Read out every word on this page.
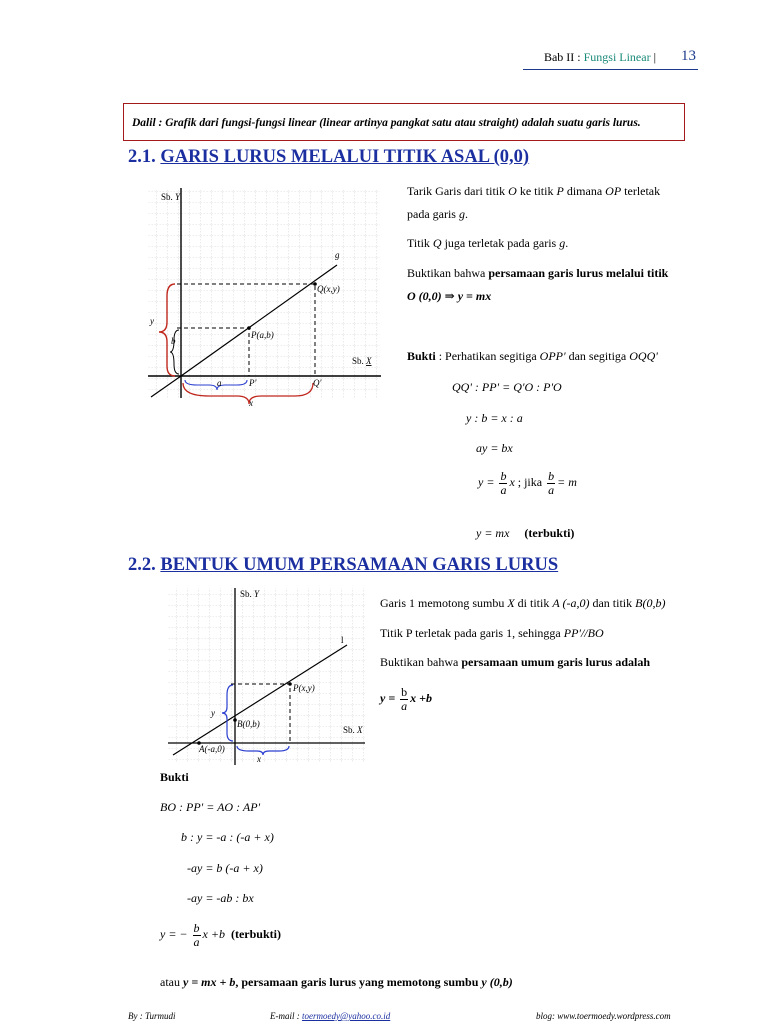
Bab II : Fungsi Linear | 13
Dalil : Grafik dari fungsi-fungsi linear (linear artinya pangkat satu atau straight) adalah suatu garis lurus.
2.1. GARIS LURUS MELALUI TITIK ASAL (0,0)
Sb. Y
Sb. X
g
Q(x,y)
P(a,b)
y
b
a
x
P'	Q'
Tarik Garis dari titik O ke titik P dimana OP terletak
pada garis g.
Titik Q juga terletak pada garis g.
Buktikan bahwa persamaan garis lurus melalui titik
O (0,0) ⇒ y = mx
Bukti : Perhatikan segitiga OPP' dan segitiga OQQ'
QQ' : PP' = Q'O : P'O
y : b = x : a
ay = bx
$y = \frac{b}{a}$ x ; jika $\frac{b}{a} = m$
y = mx (terbukti)
2.2. BENTUK UMUM PERSAMAAN GARIS LURUS
Sb. Y
Sb. X
l
P(x,y)
B(0,b)
A(-a,0)
y
x
Garis 1 memotong sumbu X di titik A (-a,0) dan titik B(0,b)
Titik P terletak pada garis 1, sehingga PP'//BO
Buktikan bahwa persamaan umum garis lurus adalah
$y = \frac{b}{a}$ x +b
Bukti
BO : PP' = AO : AP'
b : y = -a : (-a + x)
-ay = b (-a + x)
-ay = -ab : bx
y = − $\frac{b}{a}$ x +b (terbukti)
atau y = mx + b, persamaan garis lurus yang memotong sumbu y (0,b)
By : Turmudi	E-mail : toermoedy@yahoo.co.id	blog: www.toermoedy.wordpress.com
